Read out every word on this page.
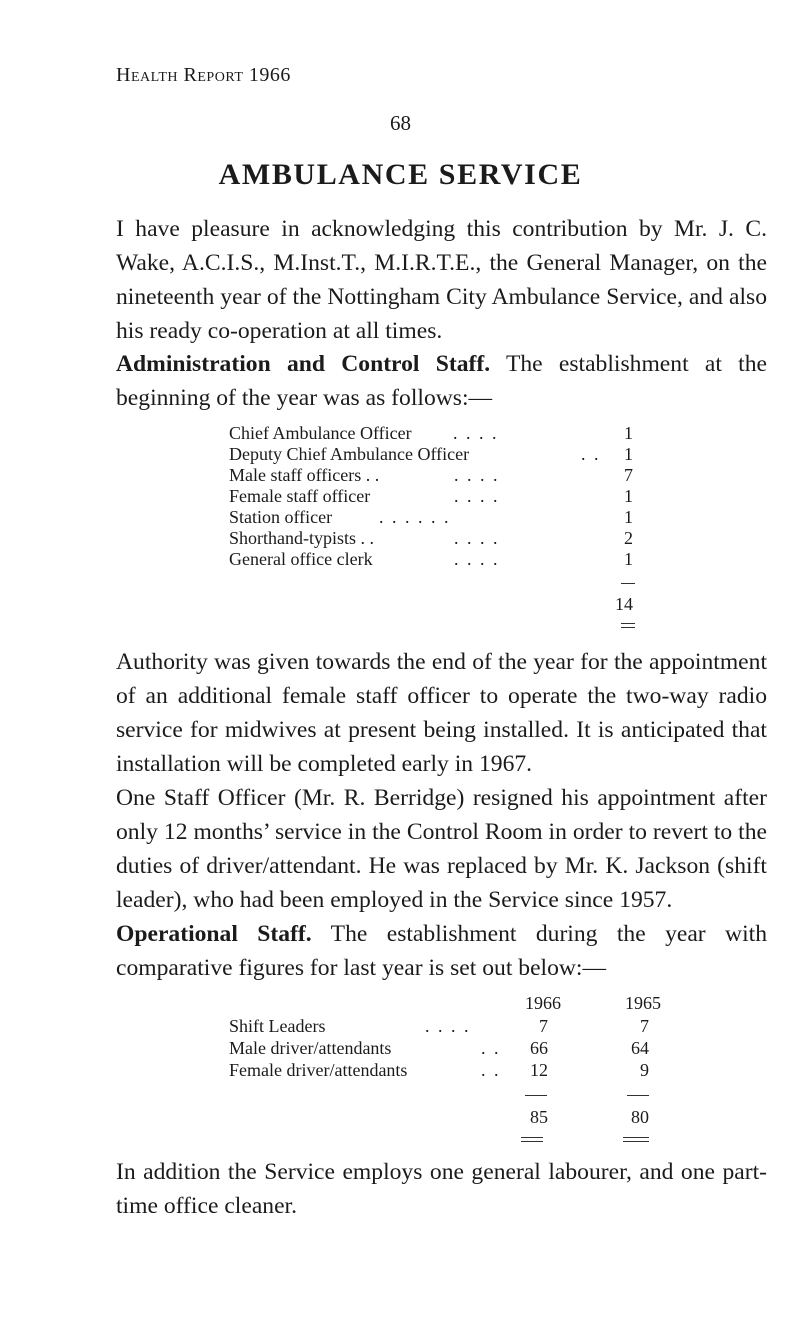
Health Report 1966
68
AMBULANCE SERVICE

I have pleasure in acknowledging this contribution by Mr. J. C. Wake, A.C.I.S., M.Inst.T., M.I.R.T.E., the General Manager, on the nineteenth year of the Nottingham City Ambulance Service, and also his ready co-operation at all times.

Administration and Control Staff. The establishment at the beginning of the year was as follows:—

Chief Ambulance Officer . . . .	1
Deputy Chief Ambulance Officer	. .	1
Male staff officers . .	. . . .	7
Female staff officer	. . . .	1
Station officer	. . . . . .	1
Shorthand-typists . .	. . . .	2
General office clerk	. . . .	1
14

Authority was given towards the end of the year for the appointment of an additional female staff officer to operate the two-way radio service for midwives at present being installed. It is anticipated that installation will be completed early in 1967.

One Staff Officer (Mr. R. Berridge) resigned his appointment after only 12 months’ service in the Control Room in order to revert to the duties of driver/attendant. He was replaced by Mr. K. Jackson (shift leader), who had been employed in the Service since 1957.

Operational Staff. The establishment during the year with comparative figures for last year is set out below:—

1966	1965
Shift Leaders	. . . .	7	7
Male driver/attendants	. .	66	64
Female driver/attendants	. .	12	9
85	80

In addition the Service employs one general labourer, and one part-time office cleaner.
